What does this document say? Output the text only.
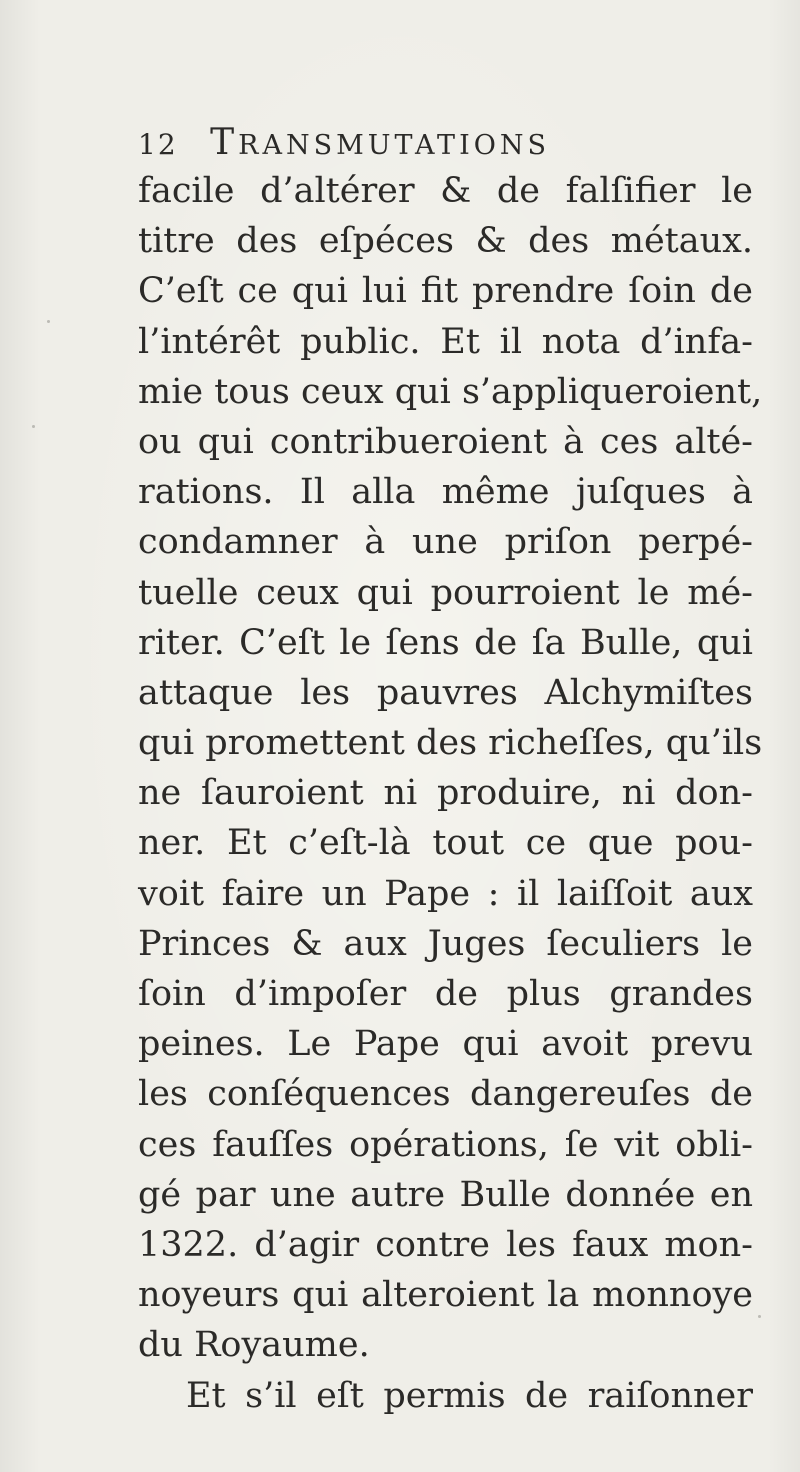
12 TRANSMUTATIONS
facile d’altérer & de falſifier le
titre des eſpéces & des métaux.
C’eſt ce qui lui fit prendre ſoin de
l’intérêt public. Et il nota d’infa-
mie tous ceux qui s’appliqueroient,
ou qui contribueroient à ces alté-
rations. Il alla même juſques à
condamner à une priſon perpé-
tuelle ceux qui pourroient le mé-
riter. C’eſt le ſens de ſa Bulle, qui
attaque les pauvres Alchymiſtes
qui promettent des richeſſes, qu’ils
ne ſauroient ni produire, ni don-
ner. Et c’eſt-là tout ce que pou-
voit faire un Pape : il laiſſoit aux
Princes & aux Juges ſeculiers le
ſoin d’impoſer de plus grandes
peines. Le Pape qui avoit prevu
les conſéquences dangereuſes de
ces fauſſes opérations, ſe vit obli-
gé par une autre Bulle donnée en
1322. d’agir contre les faux mon-
noyeurs qui alteroient la monnoye
du Royaume.
Et s’il eſt permis de raiſonner
